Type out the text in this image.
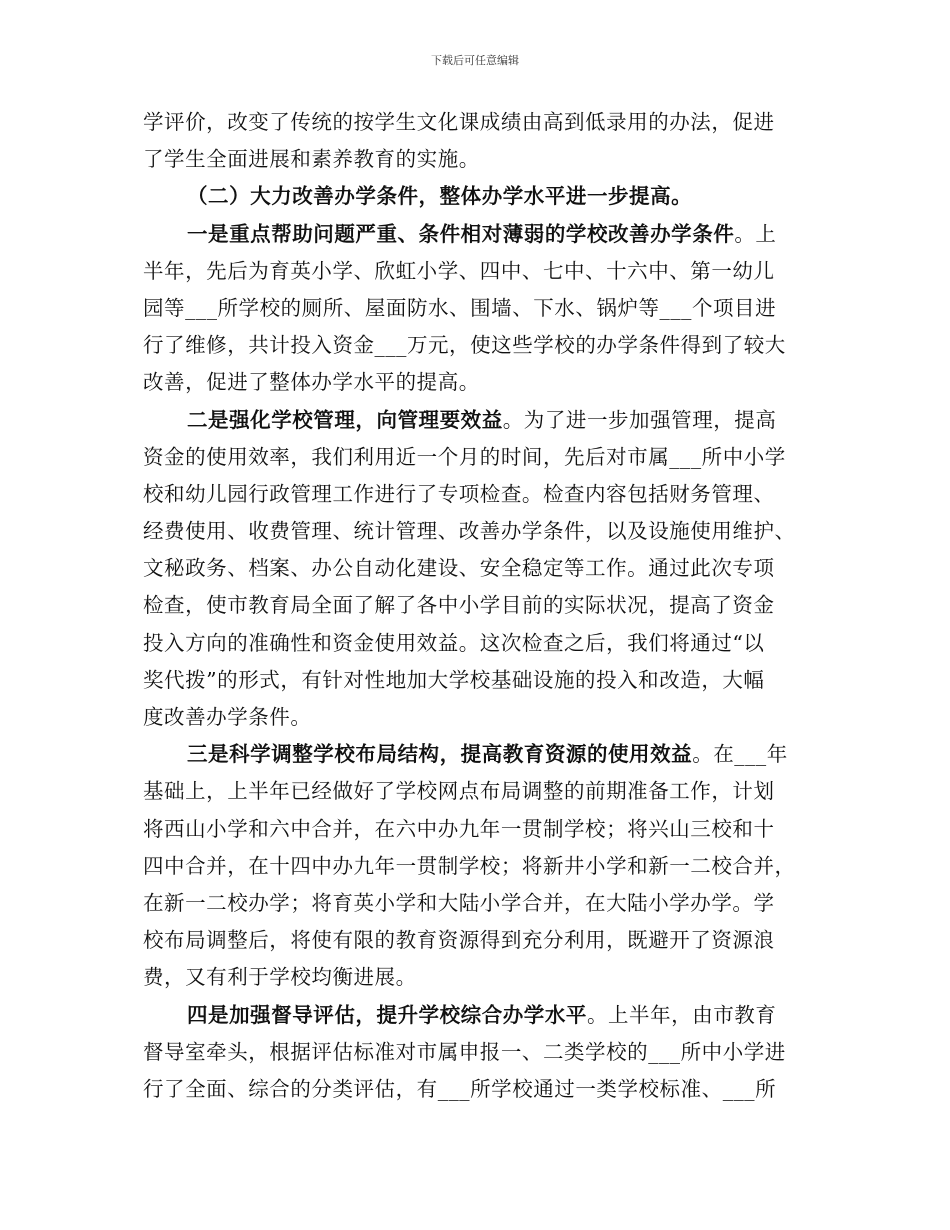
下载后可任意编辑
学评价，改变了传统的按学生文化课成绩由高到低录用的办法，促进
了学生全面进展和素养教育的实施。
（二）大力改善办学条件，整体办学水平进一步提高。
一是重点帮助问题严重、条件相对薄弱的学校改善办学条件。上
半年，先后为育英小学、欣虹小学、四中、七中、十六中、第一幼儿
园等___所学校的厕所、屋面防水、围墙、下水、锅炉等___个项目进
行了维修，共计投入资金___万元，使这些学校的办学条件得到了较大
改善，促进了整体办学水平的提高。
二是强化学校管理，向管理要效益。为了进一步加强管理，提高
资金的使用效率，我们利用近一个月的时间，先后对市属___所中小学
校和幼儿园行政管理工作进行了专项检查。检查内容包括财务管理、
经费使用、收费管理、统计管理、改善办学条件，以及设施使用维护、
文秘政务、档案、办公自动化建设、安全稳定等工作。通过此次专项
检查，使市教育局全面了解了各中小学目前的实际状况，提高了资金
投入方向的准确性和资金使用效益。这次检查之后，我们将通过“以
奖代拨”的形式，有针对性地加大学校基础设施的投入和改造，大幅
度改善办学条件。
三是科学调整学校布局结构，提高教育资源的使用效益。在___年
基础上，上半年已经做好了学校网点布局调整的前期准备工作，计划
将西山小学和六中合并，在六中办九年一贯制学校；将兴山三校和十
四中合并，在十四中办九年一贯制学校；将新井小学和新一二校合并，
在新一二校办学；将育英小学和大陆小学合并，在大陆小学办学。学
校布局调整后，将使有限的教育资源得到充分利用，既避开了资源浪
费，又有利于学校均衡进展。
四是加强督导评估，提升学校综合办学水平。上半年，由市教育
督导室牵头，根据评估标准对市属申报一、二类学校的___所中小学进
行了全面、综合的分类评估，有___所学校通过一类学校标准、___所
